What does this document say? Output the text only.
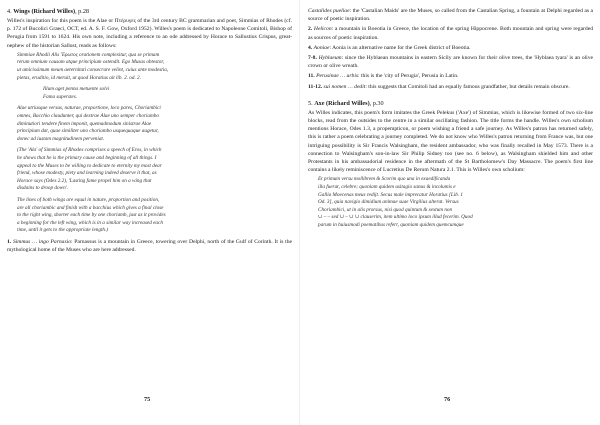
4. Wings (Richard Willes), p.28

Willes's inspiration for this poem is the Alae or Πτέρυγες of the 3rd century BC grammarian and poet, Simmias of Rhodes (cf. p. 172 of Bucolici Graeci, OCT, ed. A. S. F. Gow, Oxford 1952). Willes's poem is dedicated to Napoleone Comitoli, Bishop of Perugia from 1591 to 1624. His own note, including a reference to an ode addressed by Horace to Sallustius Crispus, great-nephew of the historian Sallust, reads as follows:

Simmiae Rhodii Alis Ἔρωτος orationem complexitur, qua se primam
rerum omnium causam atque principium ostendit. Ego Musas obtestor,
ut amicissimum meum aeternitati consecrare velint, cuius ante modestia,
pietas, eruditio, id meruit, ut quod Horatius ait lib. 2. od. 2.
Illum aget penna metuente solvi
Fama superstes.
Alae utriusque versus, naturae, proportione, loco pares, Choriambici
omnes, Bacchio claudunter, qui dextrae Alae uno semper choriambo
diminutiori tendere finem imponit, quemadmodum sinistrae Alae
principium dat, quae similiter uno choriambo usquequaque augetur,
donec ad iustam magnitudinem perveniat.
(The 'Ala' of Simmias of Rhodes comprises a speech of Eros, in which
he shows that he is the primary cause and beginning of all things. I
appeal to the Muses to be willing to dedicate to eternity my most dear
friend, whose modesty, piety and learning indeed deserve it that, as
Horace says (Odes 2.2), 'Lasting fame propel him on a wing that
disdains to droop down'.
The lines of both wings are equal in nature, proportion and position,
are all choriambic and finish with a bacchius which gives a final close
to the right wing, shorter each time by one choriamb, just as it provides
a beginning for the left wing, which is in a similar way increased each
time, until it gets to the appropriate length.)

1. Simmus … ingo Parnasio: Parnassus is a mountain in Greece, towering over Delphi, north of the Gulf of Corinth. It is the mythological home of the Muses who are here addressed.

75

Castalides pueliae: the 'Castalian Maids' are the Muses, so called from the Castalian Spring, a fountain at Delphi regarded as a source of poetic inspiration.

2. Helicon: a mountain in Boeotia in Greece, the location of the spring Hippocrene. Both mountain and spring were regarded as sources of poetic inspiration.

4. Aoniae: Aonia is an alternative name for the Greek district of Boeotia.

7-8. Hyblaeum: since the Hyblaean mountains in eastern Sicily are known for their olive trees, the 'Hyblaea tyara' is an olive crown or olive wreath.

11. Perusinae … urbis: this is the 'city of Perugia', Perusia in Latin.

11-12. sui nomen … dedit: this suggests that Comitoli had an equally famous grandfather, but details remain obscure.

5. Axe (Richard Willes), p.30

As Willes indicates, this poem's form imitates the Greek Pelekus ('Axe') of Simmias, which is likewise formed of two six-line blocks, read from the outsides to the centre in a similar oscillating fashion. The title forms the handle. Willes's own scholium mentions Horace, Odes 1.3, a propempticon, or poem wishing a friend a safe journey. As Willes's patron has returned safely, this is rather a poem celebrating a journey completed. We do not know who Willes's patron returning from France was, but one intriguing possibility is Sir Francis Walsingham, the resident ambassador, who was finally recalled in May 1573. There is a connection to Walsingham's son-in-law Sir Philip Sidney too (see no. 6 below), as Walsingham shielded him and other Protestants in his ambassadorial residence in the aftermath of the St Bartholomew's Day Massacre. The poem's first line contains a likely reminiscence of Lucretius De Rerum Natura 2.1. This is Willes's own scholium:

Et primum versu mollibrem & Scorim quo una in exaedificanda
illa fuerat, celebre; quoniam quidem usitagio sanus & incolumis e
Gallia Moecenas meus redijt. Secus male imprecatur Horatius [Lib. 1
Od. 3], quia navigio dimidium animae suae Virgilius alterat. Versus
Choriambici, ut in alis prorsus, nisi quod quintum & sextum non
∪ – – sed ∪ – ∪ ∪ clauserim, item ultimo loco ipsum illud fecerim. Quod
parum in huiusmodi poematibus refert, quoniam quidem quemcumque
76
